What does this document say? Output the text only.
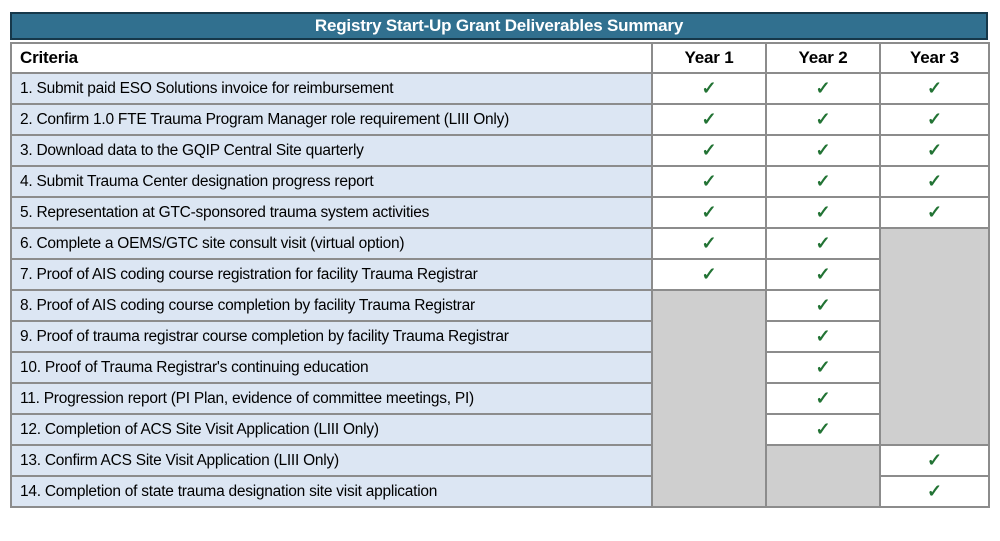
Registry Start-Up Grant Deliverables Summary
Criteria	Year 1	Year 2	Year 3
1. Submit paid ESO Solutions invoice for reimbursement	✓	✓	✓
2. Confirm 1.0 FTE Trauma Program Manager role requirement (LIII Only)	✓	✓	✓
3. Download data to the GQIP Central Site quarterly	✓	✓	✓
4. Submit Trauma Center designation progress report	✓	✓	✓
5. Representation at GTC-sponsored trauma system activities	✓	✓	✓
6. Complete a OEMS/GTC site consult visit (virtual option)	✓	✓	
7. Proof of AIS coding course registration for facility Trauma Registrar	✓	✓	
8. Proof of AIS coding course completion by facility Trauma Registrar		✓	
9. Proof of trauma registrar course completion by facility Trauma Registrar		✓	
10. Proof of Trauma Registrar's continuing education		✓	
11. Progression report (PI Plan, evidence of committee meetings, PI)		✓	
12. Completion of ACS Site Visit Application (LIII Only)		✓	
13. Confirm ACS Site Visit Application (LIII Only)			✓
14. Completion of state trauma designation site visit application			✓
